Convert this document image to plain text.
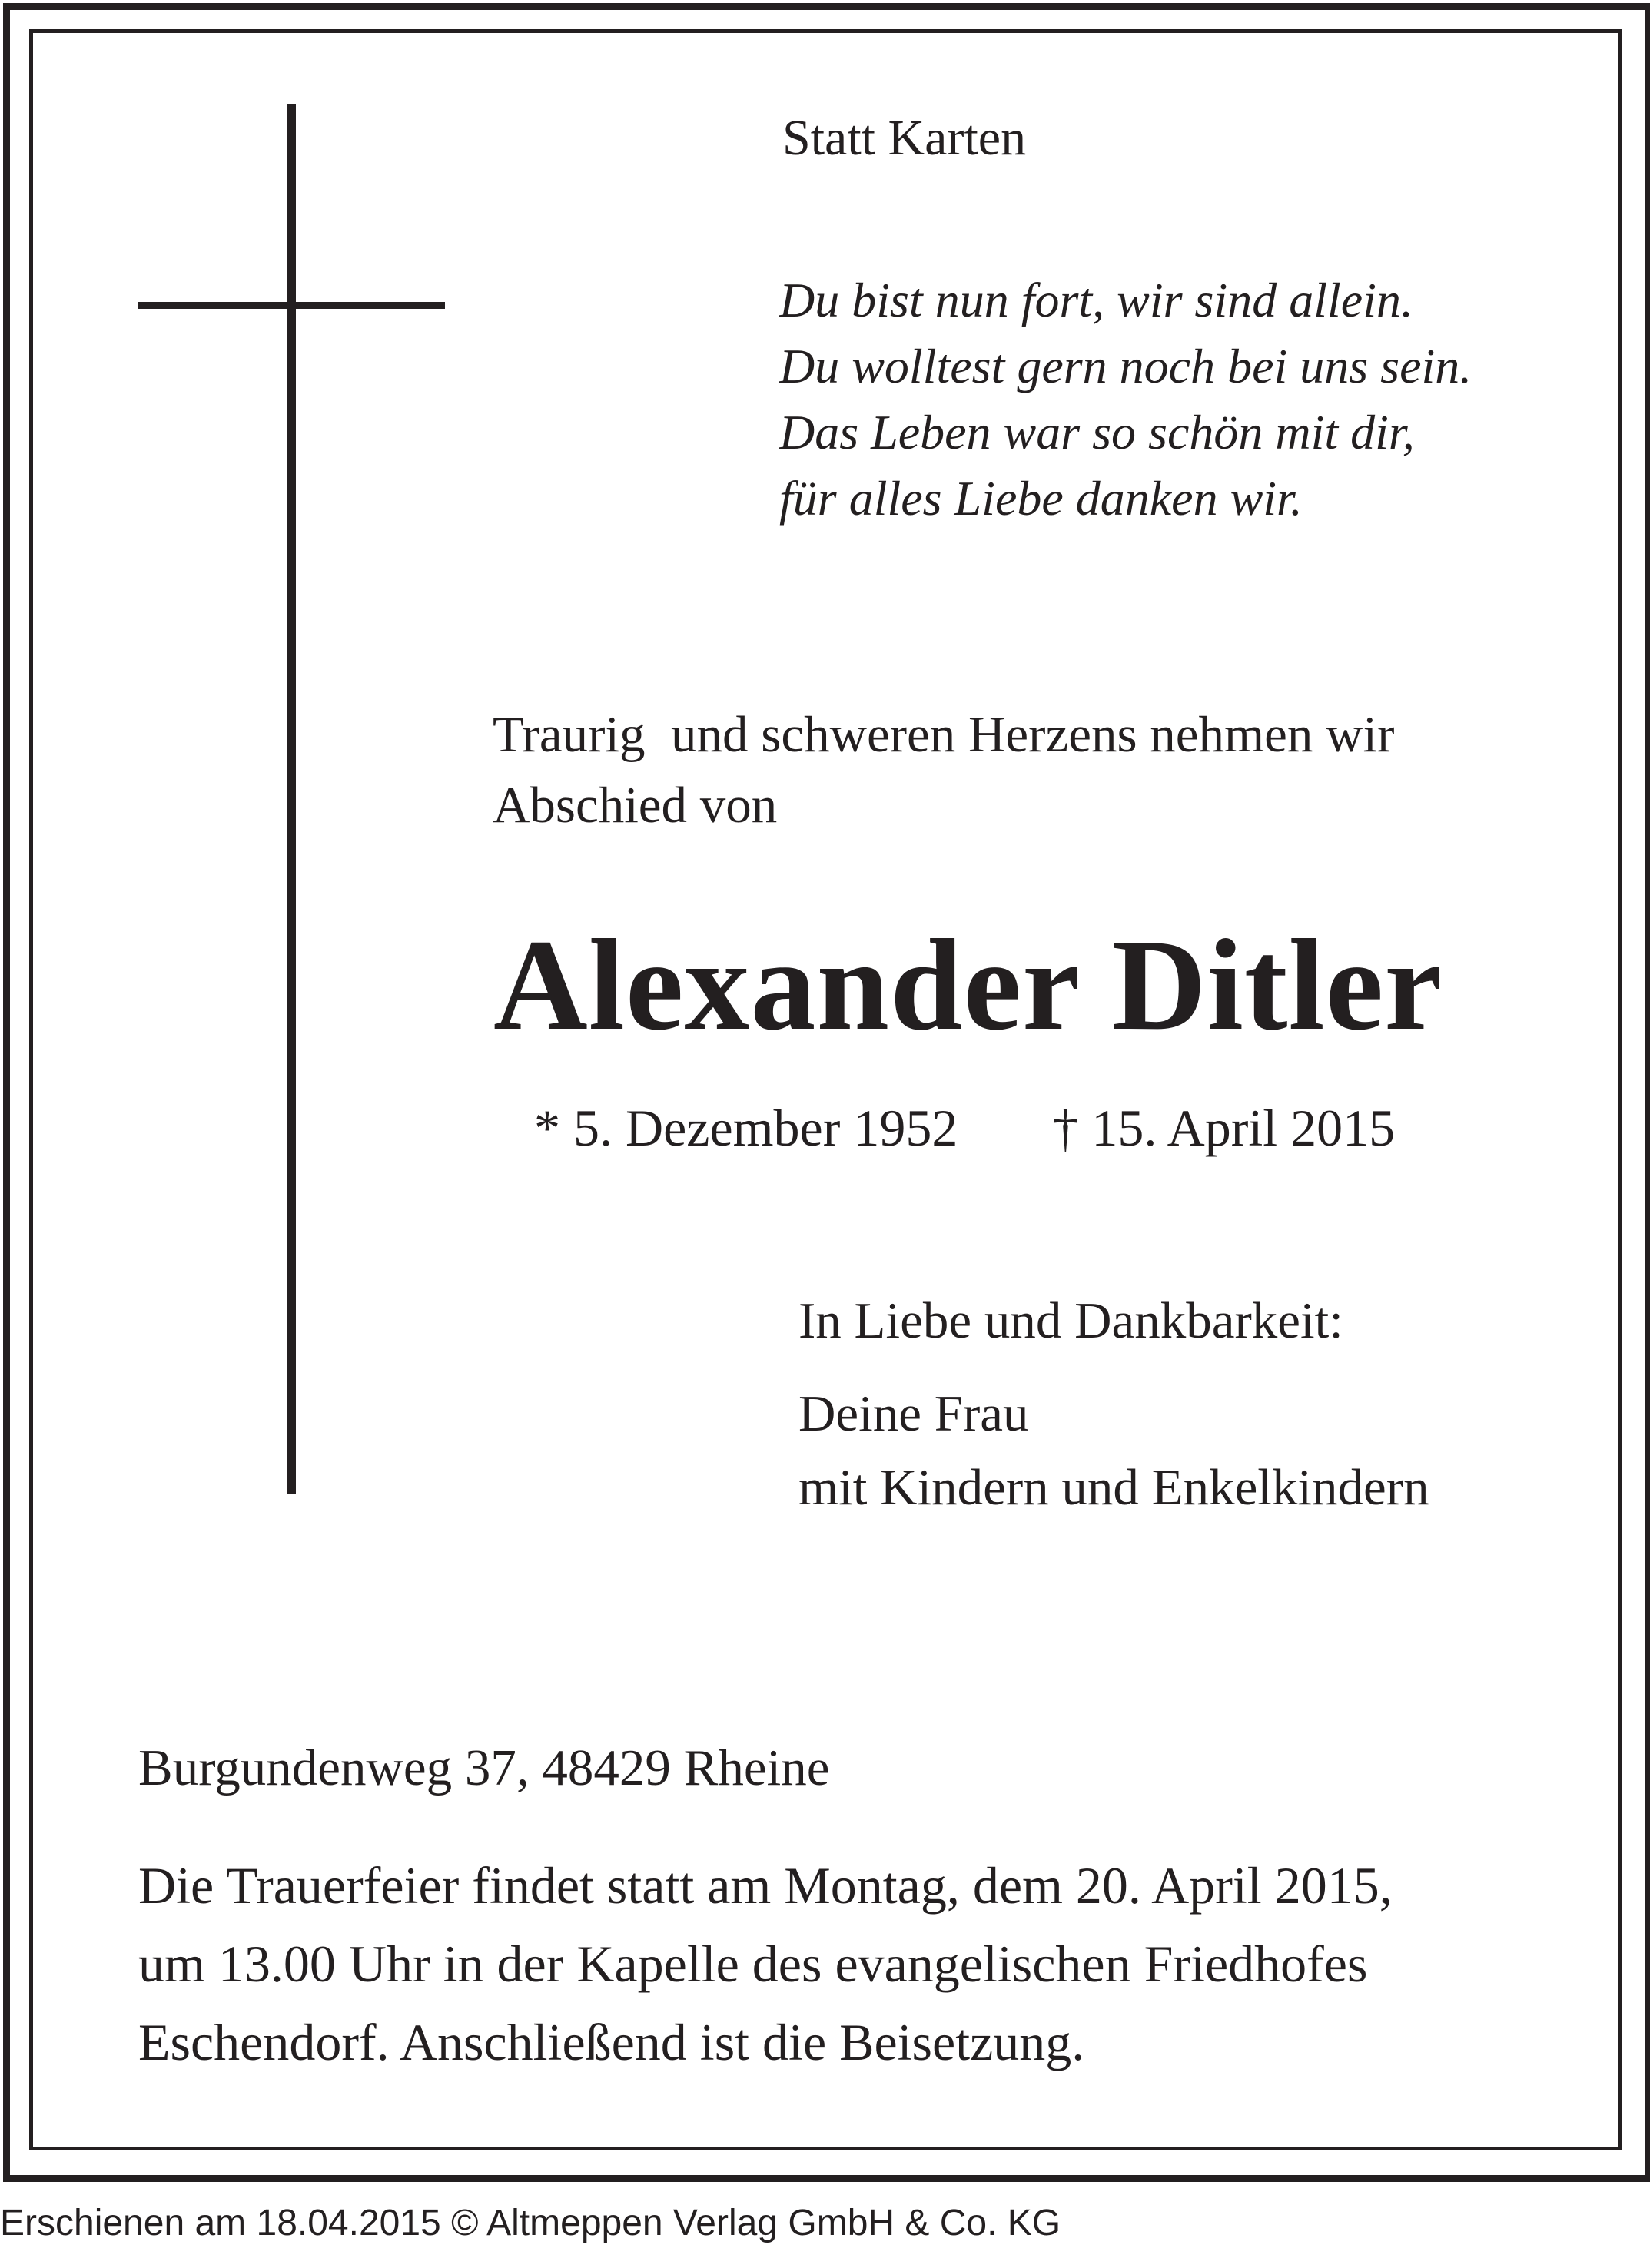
Statt Karten

Du bist nun fort, wir sind allein.
Du wolltest gern noch bei uns sein.
Das Leben war so schön mit dir,
für alles Liebe danken wir.
Traurig  und schweren Herzens nehmen wir
Abschied von
Alexander Ditler
* 5. Dezember 1952 † 15. April 2015

In Liebe und Dankbarkeit:

Deine Frau
mit Kindern und Enkelkindern

Burgundenweg 37, 48429 Rheine

Die Trauerfeier findet statt am Montag, dem 20. April 2015,
um 13.00 Uhr in der Kapelle des evangelischen Friedhofes
Eschendorf. Anschließend ist die Beisetzung.
Erschienen am 18.04.2015 © Altmeppen Verlag GmbH & Co. KG
